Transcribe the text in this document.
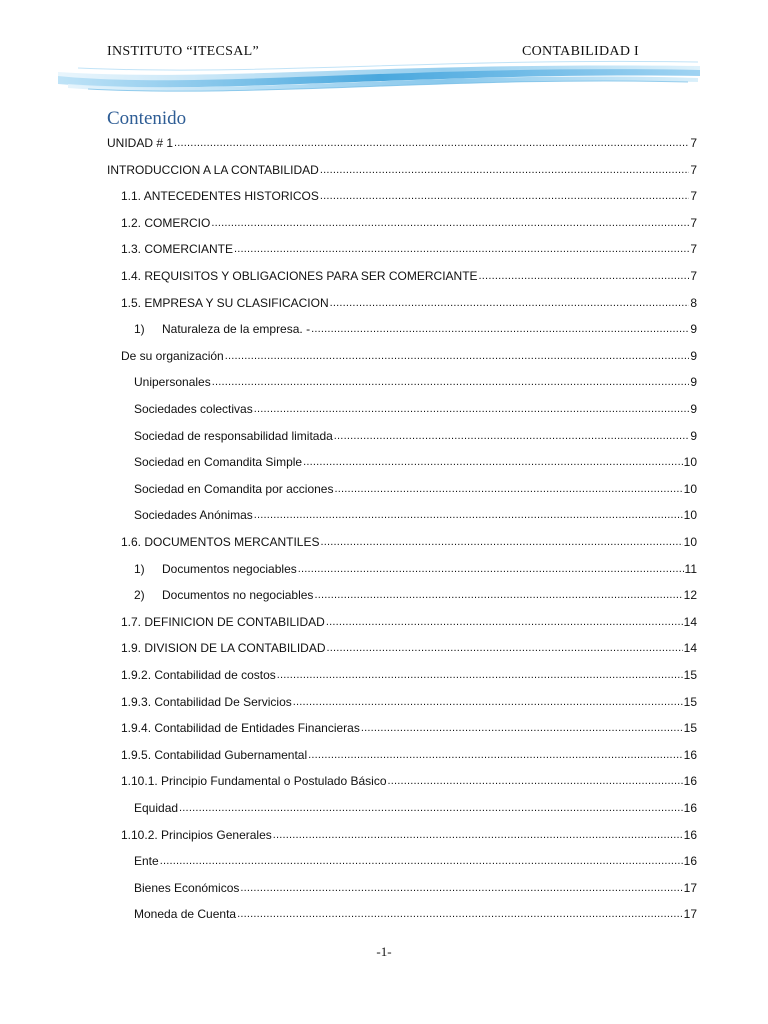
INSTITUTO “ITECSAL”	CONTABILIDAD I
Contenido
UNIDAD # 1 .....	7
INTRODUCCION A LA CONTABILIDAD .....	7
1.1. ANTECEDENTES HISTORICOS .....	7
1.2. COMERCIO .....	7
1.3. COMERCIANTE .....	7
1.4. REQUISITOS Y OBLIGACIONES PARA SER COMERCIANTE .....	7
1.5. EMPRESA Y SU CLASIFICACION .....	8
1)	Naturaleza de la empresa. - .....	9
De su organización .....	9
Unipersonales .....	9
Sociedades colectivas .....	9
Sociedad de responsabilidad limitada .....	9
Sociedad en Comandita Simple .....	10
Sociedad en Comandita por acciones .....	10
Sociedades Anónimas .....	10
1.6. DOCUMENTOS MERCANTILES .....	10
1)	Documentos negociables .....	11
2)	Documentos no negociables .....	12
1.7. DEFINICION DE CONTABILIDAD .....	14
1.9. DIVISION DE LA CONTABILIDAD .....	14
1.9.2. Contabilidad de costos .....	15
1.9.3. Contabilidad De Servicios .....	15
1.9.4. Contabilidad de Entidades Financieras .....	15
1.9.5. Contabilidad Gubernamental .....	16
1.10.1. Principio Fundamental o Postulado Básico .....	16
Equidad .....	16
1.10.2. Principios Generales .....	16
Ente .....	16
Bienes Económicos .....	17
Moneda de Cuenta .....	17
-1-
